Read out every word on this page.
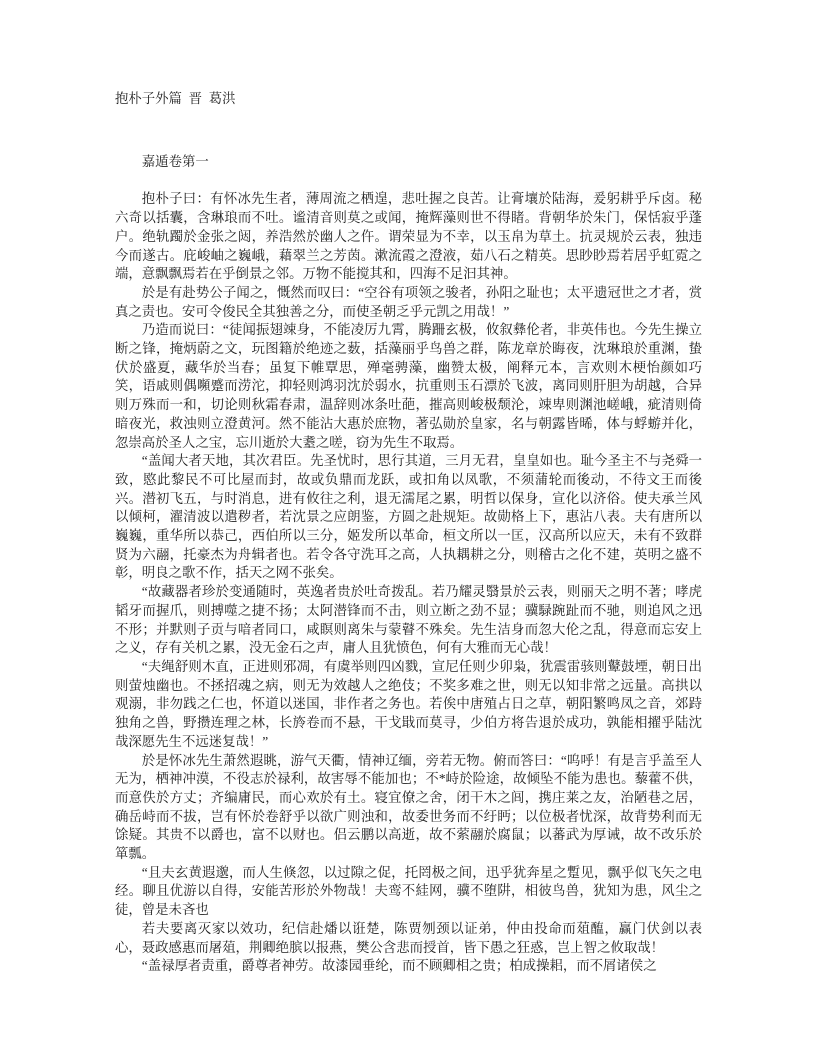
抱朴子外篇  晋  葛洪
嘉遁卷第一

抱朴子曰：有怀冰先生者，薄周流之栖遑，悲吐握之良苦。让膏壤於陆海，爰躬耕乎斥卤。秘六奇以括囊，含琳琅而不吐。谧清音则莫之或闻，掩辉藻则世不得睹。背朝华於朱门，保恬寂乎蓬户。绝轨躅於金张之闼，养浩然於幽人之仵。谓荣显为不幸，以玉帛为草土。抗灵规於云表，独违今而遂古。庇峻岫之巍峨，藉翠兰之芳茵。漱流霞之澄液，茹八石之精英。思眇眇焉若居乎虹霓之端，意飘飘焉若在乎倒景之邻。万物不能搅其和，四海不足汩其神。

於是有赴势公子闻之，慨然而叹曰：“空谷有项领之骏者，孙阳之耻也；太平遗冠世之才者，赏真之责也。安可令俊民全其独善之分，而使圣朝乏乎元凯之用哉！”

乃造而说曰：“徒闻振翅竦身，不能凌厉九霄，腾跚玄极，攸叙彝伦者，非英伟也。今先生操立断之锋，掩炳蔚之文，玩图籍於绝迹之薮，括藻丽乎鸟兽之群，陈龙章於晦夜，沈琳琅於重渊，蛰伏於盛夏，藏华於当春；虽复下帷覃思，殚毫骋藻，幽赞太极，阐释元本，言欢则木梗怡颜如巧笑，语戚则偶嚬蹙而涝沱，抑轻则鸿羽沈於弱水，抗重则玉石漂於飞波，离同则肝胆为胡越，合异则万殊而一和，切论则秋霜春肃，温辞则冰条吐葩，摧高则峻极颓沦，竦卑则渊池嵯峨，疵清则倚暗夜光，救浊则立澄黄河。然不能沾大惠於庶物，著弘勋於皇家，名与朝露皆晞，体与蜉蝣并化，忽崇高於圣人之宝，忘川逝於大耋之嗟，窃为先生不取焉。

“盖闻大者天地，其次君臣。先圣忧时，思行其道，三月无君，皇皇如也。耻今圣主不与尧舜一致，愍此黎民不可比屋而封，故或负鼎而龙跃，或扣角以凤歌，不须蒲轮而後动，不待文王而後兴。潜初飞五，与时消息，进有攸往之利，退无濡尾之累，明哲以保身，宣化以济俗。使夫承兰风以倾柯，濯清波以遣秽者，若沈景之应朗鉴，方圆之赴规矩。故勋格上下，惠沾八表。夫有唐所以巍巍，重华所以恭己，西伯所以三分，姬发所以革命，桓文所以一匡，汉高所以应天，未有不致群贤为六翮，托豪杰为舟辑者也。若令各守洗耳之高，人执耦耕之分，则稽古之化不建，英明之盛不彰，明良之歌不作，括天之网不张矣。

“故藏器者珍於变通随时，英逸者贵於吐奇拨乱。若乃耀灵翳景於云表，则丽天之明不著；哮虎韬牙而握爪，则搏噬之捷不扬；太阿潜锋而不击，则立断之劲不显；骥騄踠趾而不驰，则追风之迅不形；并默则子贡与喑者同口，咸瞑则离朱与蒙瞽不殊矣。先生洁身而忽大伦之乱，得意而忘安上之义，存有关机之累，没无金石之声，庸人且犹愤色，何有大雅而无心哉！

“夫绳舒则木直，正进则邪凋，有虞举则四凶戮，宣尼任则少卯枭，犹震雷骇则鼙鼓堙，朝日出则萤烛幽也。不拯招魂之病，则无为效越人之绝伎；不奖多难之世，则无以知非常之远量。高拱以观溺，非勿践之仁也，怀道以迷国，非作者之务也。若俟中唐殖占日之草，朝阳繁鸣凤之音，郊跱独角之兽，野攒连理之林，长旍卷而不悬，干戈戢而莫寻，少伯方将告退於成功，孰能相擢乎陆沈哉深愿先生不远迷复哉！”

於是怀冰先生萧然遐眺，游气天衢，情神辽缅，旁若无物。俯而答曰：“呜呼！有是言乎盖至人无为，栖神冲漠，不役志於禄利，故害辱不能加也；不*峙於险途，故倾坠不能为患也。藜藿不供，而意佚於方丈；齐编庸民，而心欢於有土。寝宜僚之舍，闭干木之闾，携庄莱之友，治陋巷之居，确岳峙而不拔，岂有怀於卷舒乎以欲广则浊和，故委世务而不纡眄；以位极者忧深，故背势利而无馀疑。其贵不以爵也，富不以财也。侣云鹏以高逝，故不萦翮於腐鼠；以蕃武为厚诫，故不改乐於箪瓢。

“且夫玄黄遐邈，而人生倏忽，以过隙之促，托罔极之间，迅乎犹奔星之蹔见，飘乎似飞矢之电经。聊且优游以自得，安能苦形於外物哉！夫鸾不絓网，骥不堕阱，相彼鸟兽，犹知为患，风尘之徒，曾是未吝也

若夫要离灭家以效功，纪信赴燔以诳楚，陈贾刎颈以证弟，仲由投命而葅醢，赢门伏剑以表心，聂政感惠而屠葅，荆卿绝膑以报燕，樊公含悲而授首，皆下愚之狂惑，岂上智之攸取哉！

“盖禄厚者责重，爵尊者神劳。故漆园垂纶，而不顾卿相之贵；柏成操耜，而不屑诸侯之
